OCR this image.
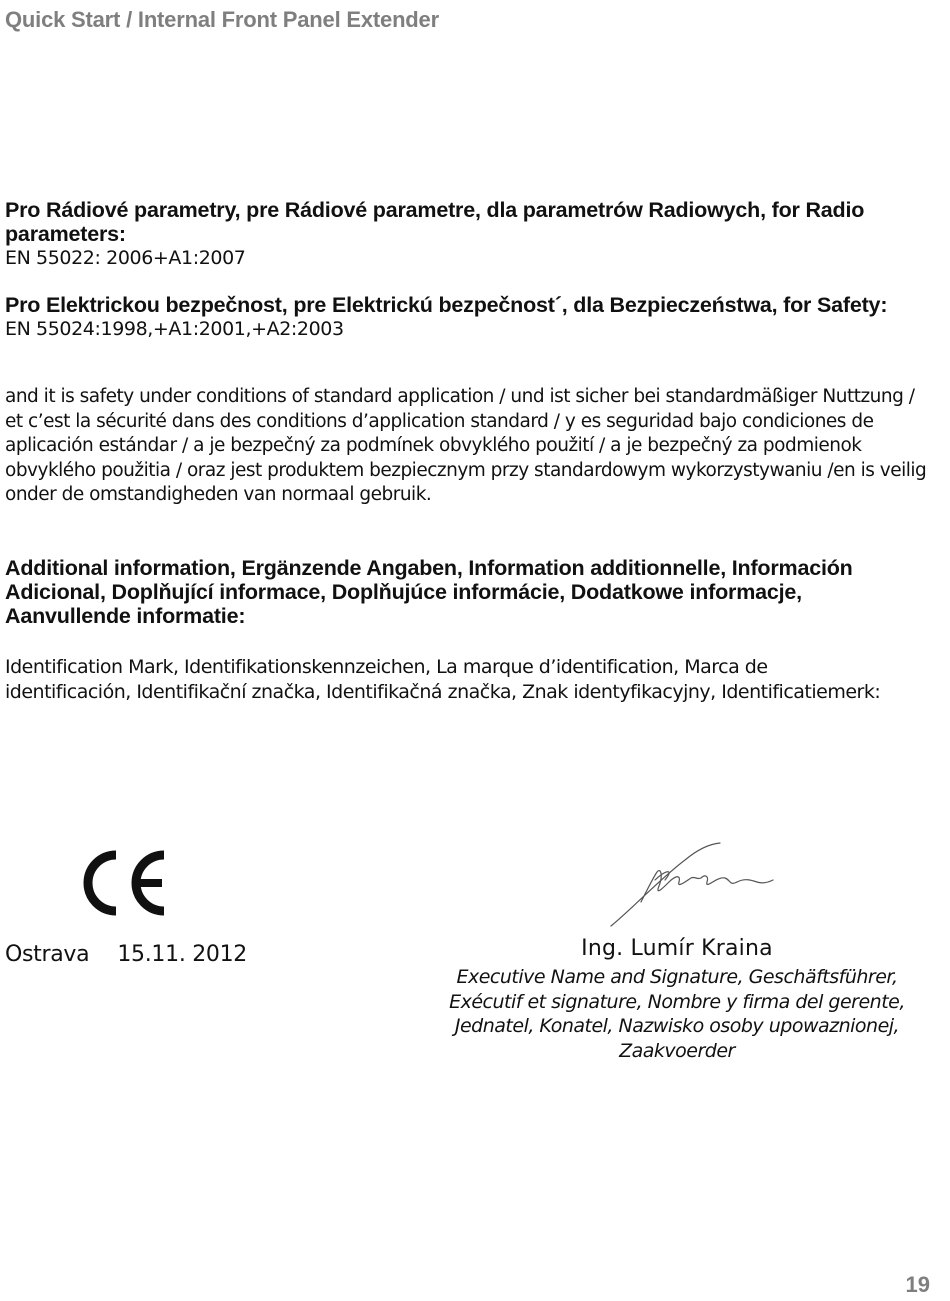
Quick Start / Internal Front Panel Extender
Pro Rádiové parametry, pre Rádiové parametre, dla parametrów Radiowych, for Radio parameters:
EN 55022: 2006+A1:2007
Pro Elektrickou bezpečnost, pre Elektrickú bezpečnost´, dla Bezpieczeństwa, for Safety:
EN 55024:1998,+A1:2001,+A2:2003

and it is safety under conditions of standard application / und ist sicher bei standardmäßiger Nuttzung / et c’est la sécurité dans des conditions d’application standard / y es seguridad bajo condiciones de aplicación estándar / a je bezpečný za podmínek obvyklého použití / a je bezpečný za podmienok obvyklého použitia / oraz jest produktem bezpiecznym przy standardowym wykorzystywaniu /en is veilig onder de omstandigheden van normaal gebruik.

Additional information, Ergänzende Angaben, Information additionnelle, Información Adicional, Doplňující informace, Doplňujúce informácie, Dodatkowe informacje, Aanvullende informatie:

Identification Mark, Identifikationskennzeichen, La marque d’identification, Marca de identificación, Identifikační značka, Identifikačná značka, Znak identyfikacyjny, Identificatiemerk:

Ostrava 15.11. 2012	Ing. Lumír Kraina

Executive Name and Signature, Geschäftsführer, Exécutif et signature, Nombre y firma del gerente, Jednatel, Konatel, Nazwisko osoby upowaznionej, Zaakvoerder

19
